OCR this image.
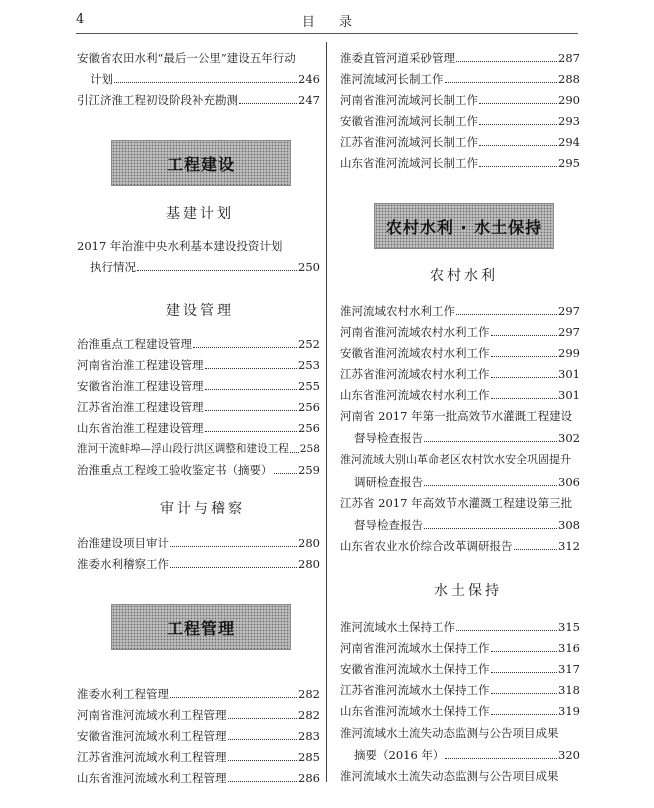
4	目 录
安徽省农田水利“最后一公里”建设五年行动
计划	246
引江济淮工程初设阶段补充勘测	247
工程建设
基建计划
2017 年治淮中央水利基本建设投资计划
执行情况	250
建设管理
治淮重点工程建设管理	252
河南省治淮工程建设管理	253
安徽省治淮工程建设管理	255
江苏省治淮工程建设管理	256
山东省治淮工程建设管理	256
淮河干流蚌埠—浮山段行洪区调整和建设工程 258
治淮重点工程竣工验收鉴定书（摘要） 259
审计与稽察
治淮建设项目审计	280
淮委水利稽察工作	280
工程管理
淮委水利工程管理	282
河南省淮河流域水利工程管理	282
安徽省淮河流域水利工程管理	283
江苏省淮河流域水利工程管理	285
山东省淮河流域水利工程管理	286
淮委直管河道采砂管理	287
淮河流域河长制工作	288
河南省淮河流域河长制工作	290
安徽省淮河流域河长制工作	293
江苏省淮河流域河长制工作	294
山东省淮河流域河长制工作	295
农村水利 · 水土保持
农村水利
淮河流域农村水利工作	297
河南省淮河流域农村水利工作	297
安徽省淮河流域农村水利工作	299
江苏省淮河流域农村水利工作	301
山东省淮河流域农村水利工作	301
河南省 2017 年第一批高效节水灌溉工程建设
督导检查报告	302
淮河流域大别山革命老区农村饮水安全巩固提升
调研检查报告	306
江苏省 2017 年高效节水灌溉工程建设第三批
督导检查报告	308
山东省农业水价综合改革调研报告	312
水土保持
淮河流域水土保持工作	315
河南省淮河流域水土保持工作	316
安徽省淮河流域水土保持工作	317
江苏省淮河流域水土保持工作	318
山东省淮河流域水土保持工作	319
淮河流域水土流失动态监测与公告项目成果
摘要（2016 年）	320
淮河流域水土流失动态监测与公告项目成果
